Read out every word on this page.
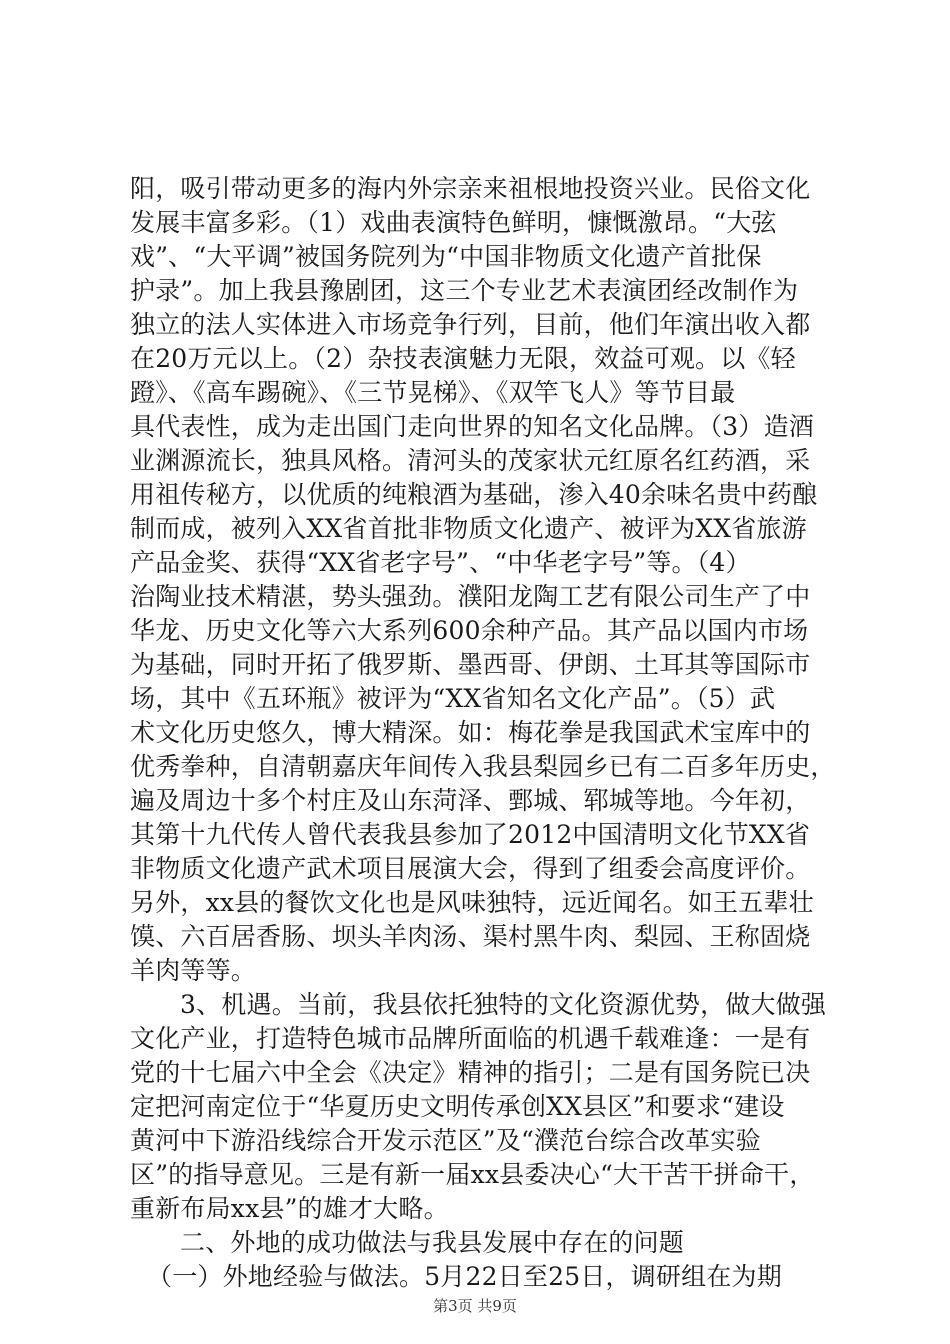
阳，吸引带动更多的海内外宗亲来祖根地投资兴业。民俗文化
发展丰富多彩。（1）戏曲表演特色鲜明，慷慨激昂。“大弦
戏”、“大平调”被国务院列为“中国非物质文化遗产首批保
护录”。加上我县豫剧团，这三个专业艺术表演团经改制作为
独立的法人实体进入市场竞争行列，目前，他们年演出收入都
在20万元以上。（2）杂技表演魅力无限，效益可观。以《轻
蹬》、《高车踢碗》、《三节晃梯》、《双竿飞人》等节目最
具代表性，成为走出国门走向世界的知名文化品牌。（3）造酒
业渊源流长，独具风格。清河头的茂家状元红原名红药酒，采
用祖传秘方，以优质的纯粮酒为基础，渗入40余味名贵中药酿
制而成，被列入XX省首批非物质文化遗产、被评为XX省旅游
产品金奖、获得“XX省老字号”、“中华老字号”等。（4）
治陶业技术精湛，势头强劲。濮阳龙陶工艺有限公司生产了中
华龙、历史文化等六大系列600余种产品。其产品以国内市场
为基础，同时开拓了俄罗斯、墨西哥、伊朗、土耳其等国际市
场，其中《五环瓶》被评为“XX省知名文化产品”。（5）武
术文化历史悠久，博大精深。如：梅花拳是我国武术宝库中的
优秀拳种，自清朝嘉庆年间传入我县梨园乡已有二百多年历史，
遍及周边十多个村庄及山东菏泽、鄄城、郓城等地。今年初，
其第十九代传人曾代表我县参加了2012中国清明文化节XX省
非物质文化遗产武术项目展演大会，得到了组委会高度评价。
另外，xx县的餐饮文化也是风味独特，远近闻名。如王五辈壮
馍、六百居香肠、坝头羊肉汤、渠村黑牛肉、梨园、王称固烧
羊肉等等。
3、机遇。当前，我县依托独特的文化资源优势，做大做强
文化产业，打造特色城市品牌所面临的机遇千载难逢：一是有
党的十七届六中全会《决定》精神的指引；二是有国务院已决
定把河南定位于“华夏历史文明传承创XX县区”和要求“建设
黄河中下游沿线综合开发示范区”及“濮范台综合改革实验
区”的指导意见。三是有新一届xx县委决心“大干苦干拼命干，
重新布局xx县”的雄才大略。
二、外地的成功做法与我县发展中存在的问题
（一）外地经验与做法。5月22日至25日，调研组在为期
第3页 共9页
